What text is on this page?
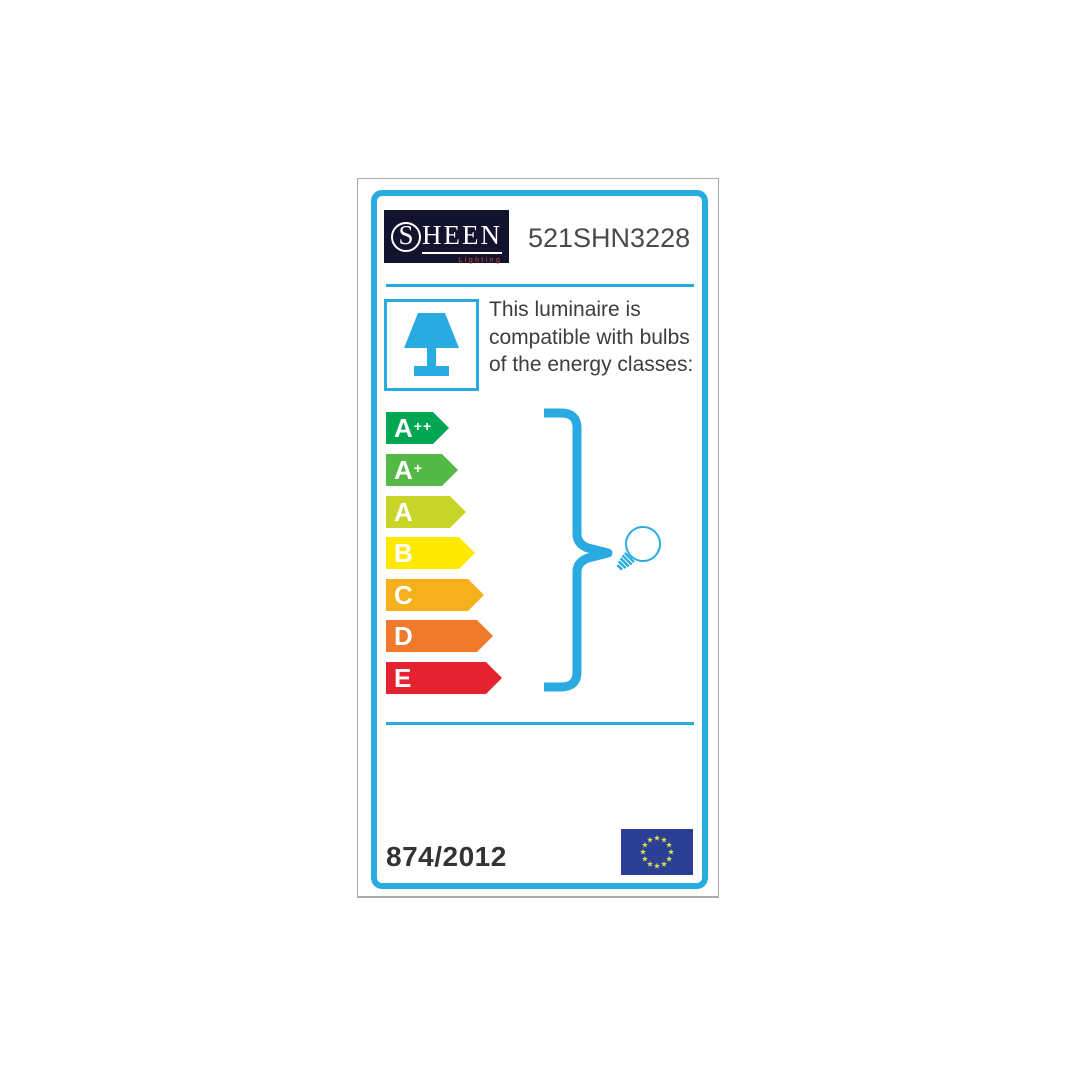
S HEEN
Lighting
521SHN3228
This luminaire is
compatible with bulbs
of the energy classes:
A ++
A +
A
B
C
D
E
874/2012
